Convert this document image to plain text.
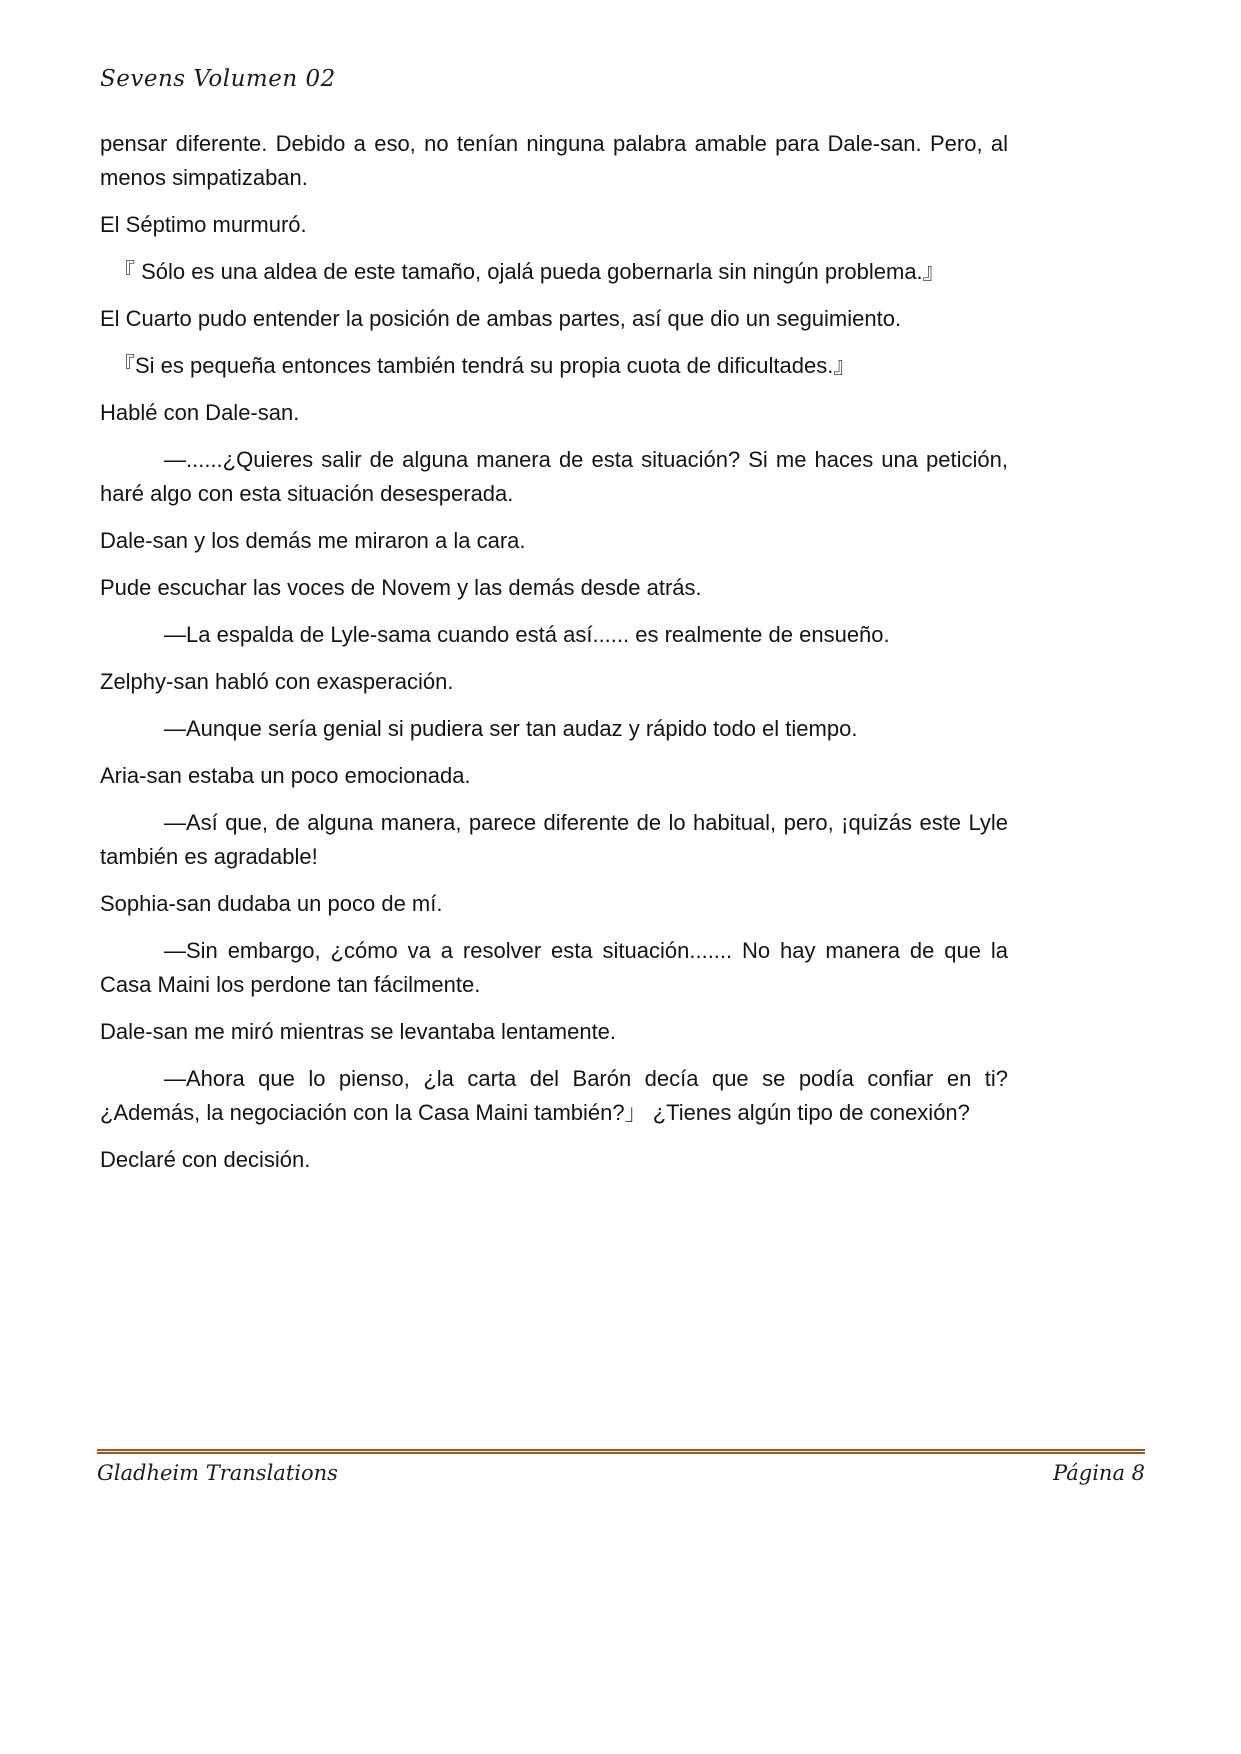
Sevens Volumen 02

pensar diferente. Debido a eso, no tenían ninguna palabra amable para Dale-san. Pero, al menos simpatizaban.

El Séptimo murmuró.

『 Sólo es una aldea de este tamaño, ojalá pueda gobernarla sin ningún problema.』

El Cuarto pudo entender la posición de ambas partes, así que dio un seguimiento.

『Si es pequeña entonces también tendrá su propia cuota de dificultades.』

Hablé con Dale-san.

—......¿Quieres salir de alguna manera de esta situación? Si me haces una petición, haré algo con esta situación desesperada.

Dale-san y los demás me miraron a la cara.

Pude escuchar las voces de Novem y las demás desde atrás.

—La espalda de Lyle-sama cuando está así...... es realmente de ensueño.

Zelphy-san habló con exasperación.

—Aunque sería genial si pudiera ser tan audaz y rápido todo el tiempo.

Aria-san estaba un poco emocionada.

—Así que, de alguna manera, parece diferente de lo habitual, pero, ¡quizás este Lyle también es agradable!

Sophia-san dudaba un poco de mí.

—Sin embargo, ¿cómo va a resolver esta situación....... No hay manera de que la Casa Maini los perdone tan fácilmente.

Dale-san me miró mientras se levantaba lentamente.

—Ahora que lo pienso, ¿la carta del Barón decía que se podía confiar en ti? ¿Además, la negociación con la Casa Maini también?」 ¿Tienes algún tipo de conexión?

Declaré con decisión.

Gladheim Translations	Página 8
